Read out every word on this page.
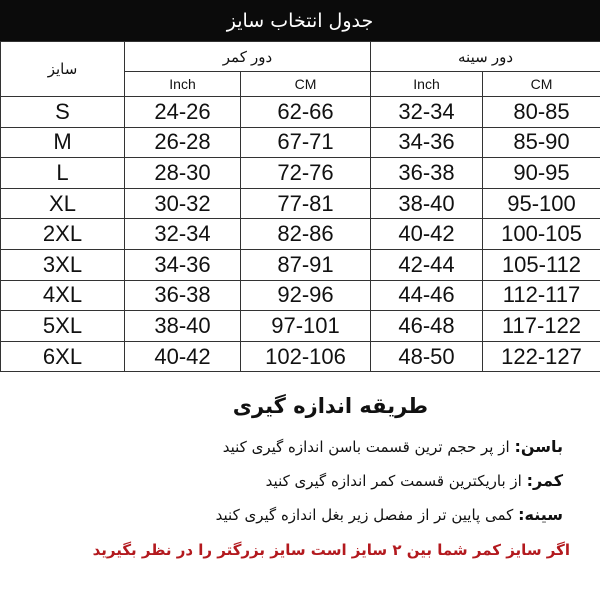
جدول انتخاب سایز
سایز	دور کمر		دور سینه	
	Inch	CM	Inch	CM
S	24-26	62-66	32-34	80-85
M	26-28	67-71	34-36	85-90
L	28-30	72-76	36-38	90-95
XL	30-32	77-81	38-40	95-100
2XL	32-34	82-86	40-42	100-105
3XL	34-36	87-91	42-44	105-112
4XL	36-38	92-96	44-46	112-117
5XL	38-40	97-101	46-48	117-122
6XL	40-42	102-106	48-50	122-127
طریقه اندازه گیری
باسن: از پر حجم ترین قسمت باسن اندازه گیری کنید
کمر: از باریکترین قسمت کمر اندازه گیری کنید
سینه: کمی پایین تر از مفصل زیر بغل اندازه گیری کنید
اگر سایز کمر شما بین ۲ سایز است سایز بزرگتر را در نظر بگیرید
